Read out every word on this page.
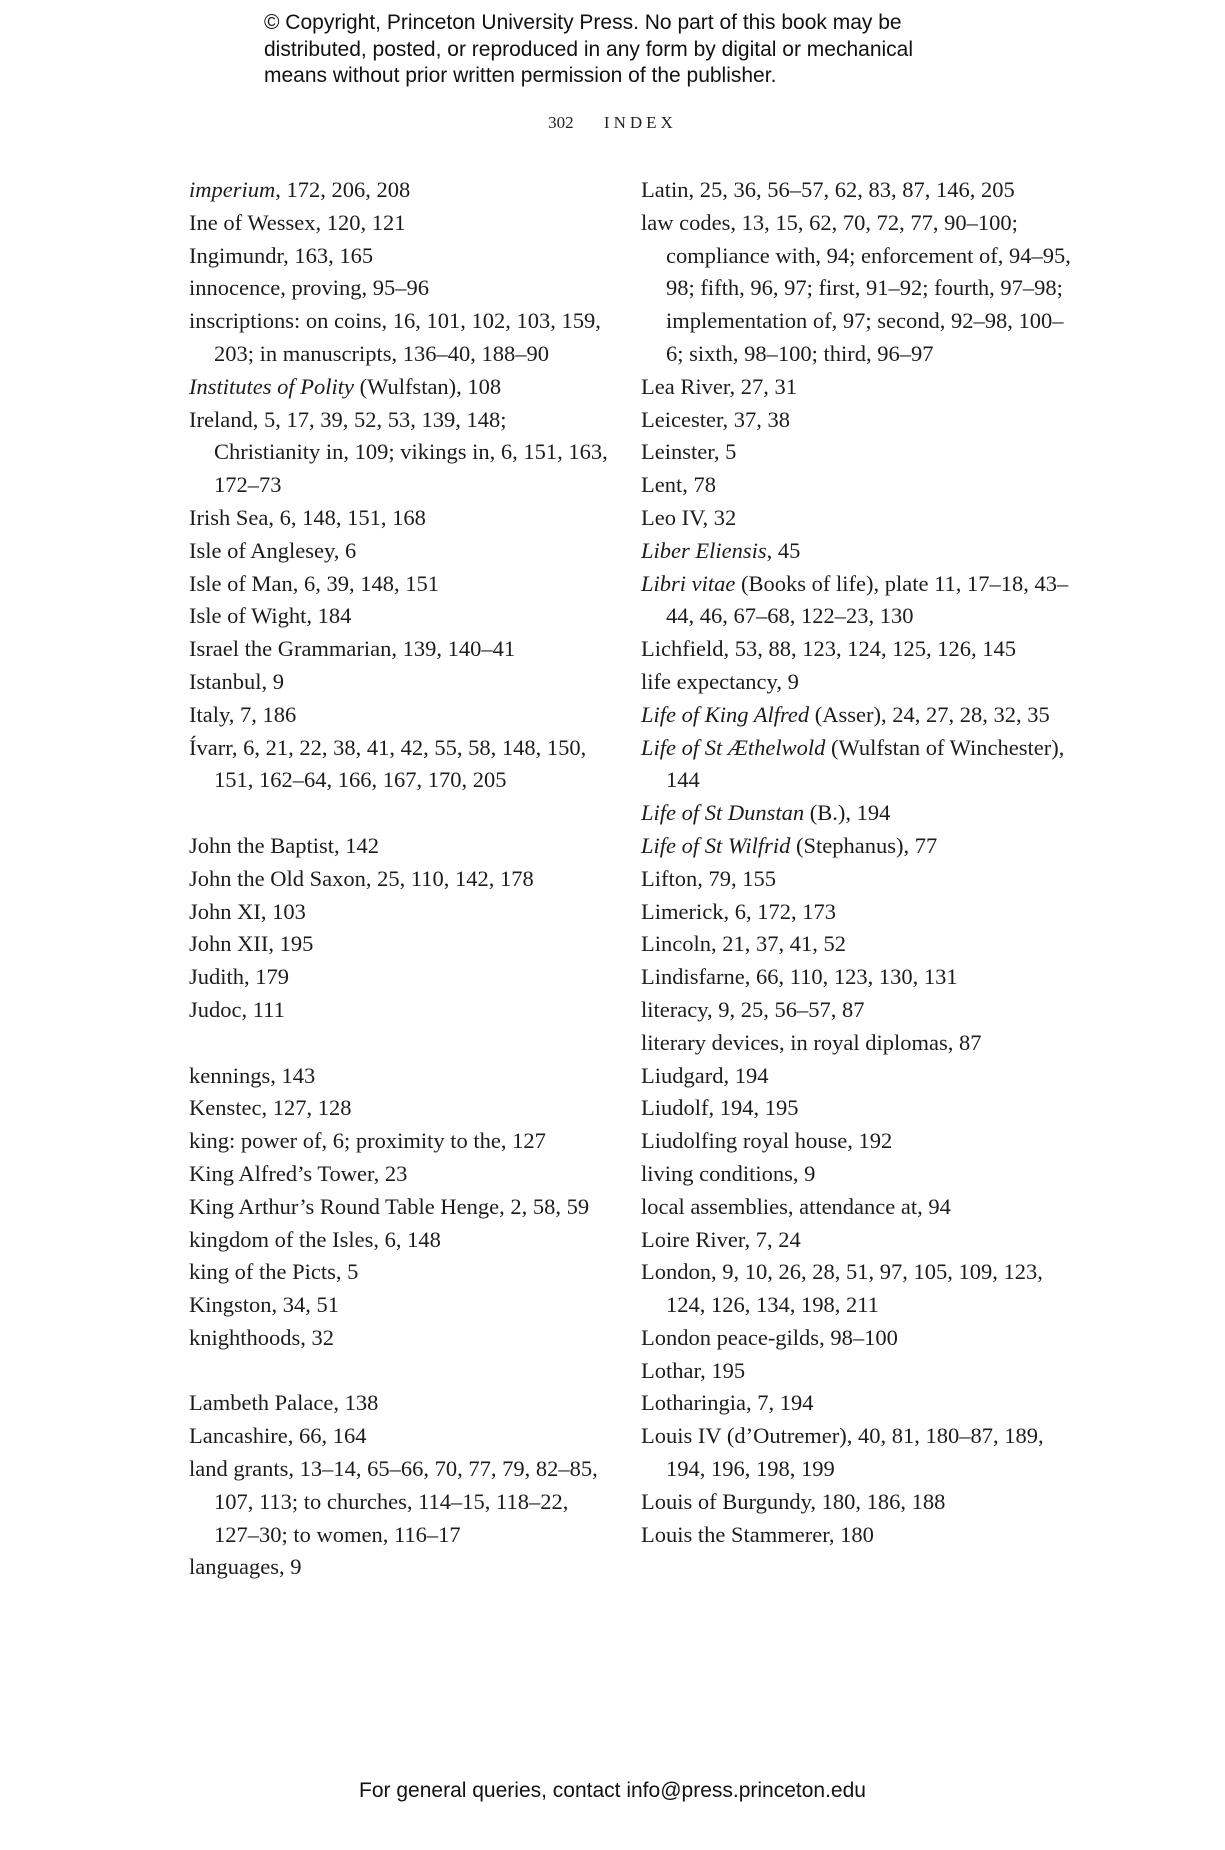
© Copyright, Princeton University Press. No part of this book may be
distributed, posted, or reproduced in any form by digital or mechanical
means without prior written permission of the publisher.
302 INDEX
imperium, 172, 206, 208
Ine of Wessex, 120, 121
Ingimundr, 163, 165
innocence, proving, 95–96
inscriptions: on coins, 16, 101, 102, 103, 159, 203; in manuscripts, 136–40, 188–90
Institutes of Polity (Wulfstan), 108
Ireland, 5, 17, 39, 52, 53, 139, 148; Christianity in, 109; vikings in, 6, 151, 163, 172–73
Irish Sea, 6, 148, 151, 168
Isle of Anglesey, 6
Isle of Man, 6, 39, 148, 151
Isle of Wight, 184
Israel the Grammarian, 139, 140–41
Istanbul, 9
Italy, 7, 186
Ívarr, 6, 21, 22, 38, 41, 42, 55, 58, 148, 150, 151, 162–64, 166, 167, 170, 205
John the Baptist, 142
John the Old Saxon, 25, 110, 142, 178
John XI, 103
John XII, 195
Judith, 179
Judoc, 111
kennings, 143
Kenstec, 127, 128
king: power of, 6; proximity to the, 127
King Alfred’s Tower, 23
King Arthur’s Round Table Henge, 2, 58, 59
kingdom of the Isles, 6, 148
king of the Picts, 5
Kingston, 34, 51
knighthoods, 32
Lambeth Palace, 138
Lancashire, 66, 164
land grants, 13–14, 65–66, 70, 77, 79, 82–85, 107, 113; to churches, 114–15, 118–22, 127–30; to women, 116–17
languages, 9
Latin, 25, 36, 56–57, 62, 83, 87, 146, 205
law codes, 13, 15, 62, 70, 72, 77, 90–100; compliance with, 94; enforcement of, 94–95, 98; fifth, 96, 97; first, 91–92; fourth, 97–98; implementation of, 97; second, 92–98, 100–6; sixth, 98–100; third, 96–97
Lea River, 27, 31
Leicester, 37, 38
Leinster, 5
Lent, 78
Leo IV, 32
Liber Eliensis, 45
Libri vitae (Books of life), plate 11, 17–18, 43–44, 46, 67–68, 122–23, 130
Lichfield, 53, 88, 123, 124, 125, 126, 145
life expectancy, 9
Life of King Alfred (Asser), 24, 27, 28, 32, 35
Life of St Æthelwold (Wulfstan of Winchester), 144
Life of St Dunstan (B.), 194
Life of St Wilfrid (Stephanus), 77
Lifton, 79, 155
Limerick, 6, 172, 173
Lincoln, 21, 37, 41, 52
Lindisfarne, 66, 110, 123, 130, 131
literacy, 9, 25, 56–57, 87
literary devices, in royal diplomas, 87
Liudgard, 194
Liudolf, 194, 195
Liudolfing royal house, 192
living conditions, 9
local assemblies, attendance at, 94
Loire River, 7, 24
London, 9, 10, 26, 28, 51, 97, 105, 109, 123, 124, 126, 134, 198, 211
London peace-gilds, 98–100
Lothar, 195
Lotharingia, 7, 194
Louis IV (d’Outremer), 40, 81, 180–87, 189, 194, 196, 198, 199
Louis of Burgundy, 180, 186, 188
Louis the Stammerer, 180
For general queries, contact info@press.princeton.edu
